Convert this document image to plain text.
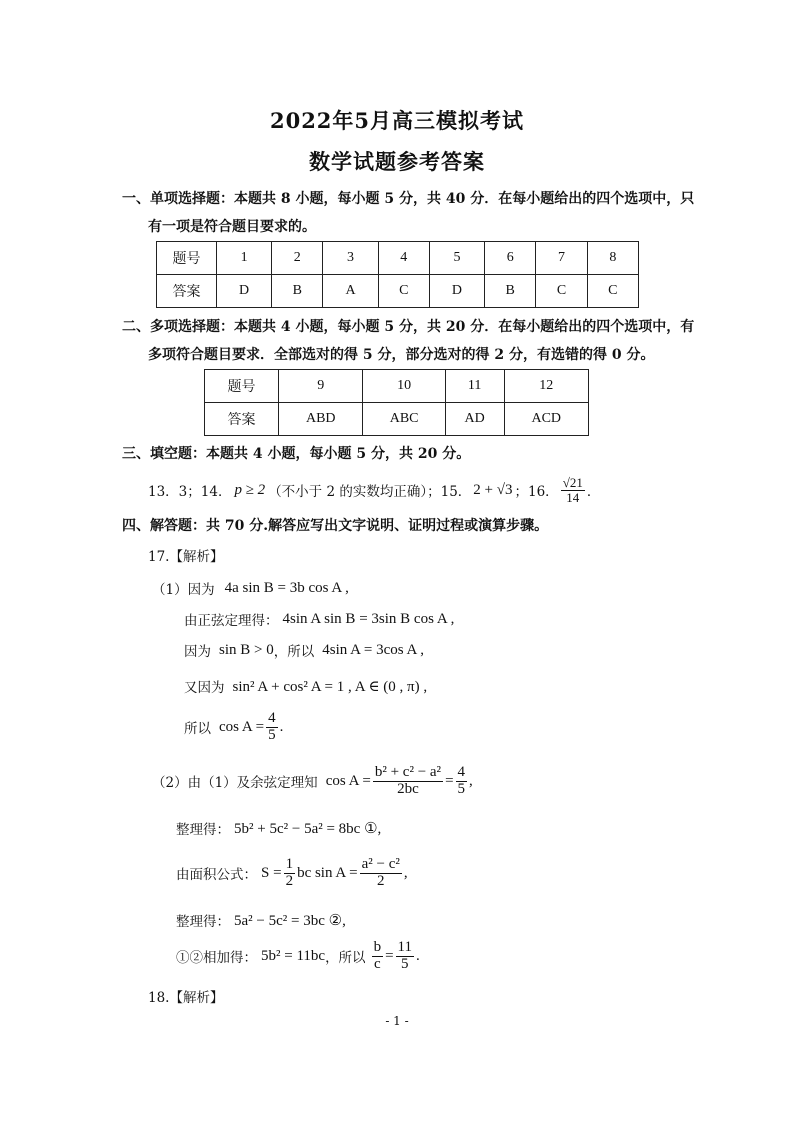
2022年5月高三模拟考试
数学试题参考答案
一、单项选择题：本题共 8 小题，每小题 5 分，共 40 分．在每小题给出的四个选项中，只
有一项是符合题目要求的。
题号	1	2	3	4	5	6	7	8
答案	D	B	A	C	D	B	C	C
二、多项选择题：本题共 4 小题，每小题 5 分，共 20 分．在每小题给出的四个选项中，有
多项符合题目要求．全部选对的得 5 分，部分选对的得 2 分，有选错的得 0 分。
题号	9	10	11	12
答案	ABD	ABC	AD	ACD
三、填空题：本题共 4 小题，每小题 5 分，共 20 分。
13．3；14． p ≥ 2 （不小于 2 的实数均正确）；15． 2 + √3 ；16． $\frac{√21}{14}$ ．
四、解答题：共 70 分.解答应写出文字说明、证明过程或演算步骤。
17.【解析】
（1）因为 4a sin B = 3b cos A ,
由正弦定理得： 4sin A sin B = 3sin B cos A ,
因为 sin B > 0 ，所以 4sin A = 3cos A ,
又因为 sin² A + cos² A = 1 , A ∈ (0 , π) ,
所以 $\cos A = \frac{4}{5}$ .
（2）由（1）及余弦定理知 $\cos A = \frac{\text{b² + c² − a²}}{2bc} = \frac{4}{5}$ ,
整理得： 5b² + 5c² − 5a² = 8bc ①,
由面积公式： $S = \frac{1}{2}$ bc $\sin A = \frac{\text{a² − c²}}{2}$ ,
整理得： 5a² − 5c² = 3bc ②,
①②相加得： 5b² = 11bc ，所以 $\frac{b}{c} = \frac{11}{5}$ .
18.【解析】
- 1 -
